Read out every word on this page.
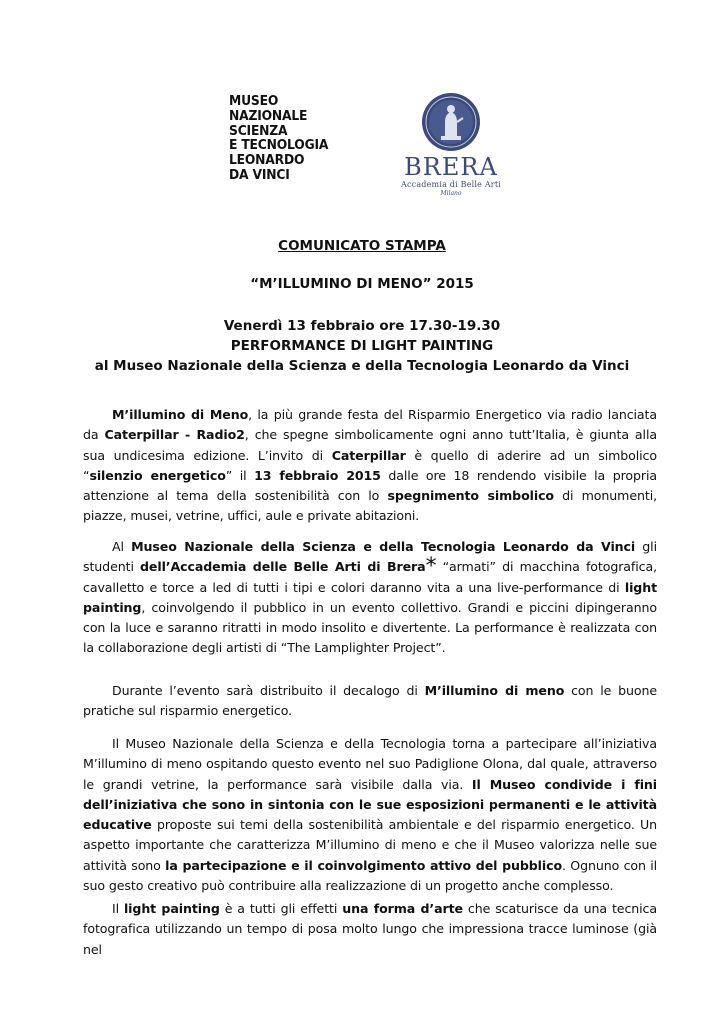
MUSEO
NAZIONALE
SCIENZA
E TECNOLOGIA
LEONARDO
DA VINCI	BRERA
Accademia di Belle Arti
Milano
COMUNICATO STAMPA
“M’ILLUMINO DI MENO” 2015
Venerdì 13 febbraio ore 17.30-19.30
PERFORMANCE DI LIGHT PAINTING
al Museo Nazionale della Scienza e della Tecnologia Leonardo da Vinci

M’illumino di Meno, la più grande festa del Risparmio Energetico via radio lanciata da Caterpillar - Radio2, che spegne simbolicamente ogni anno tutt’Italia, è giunta alla sua undicesima edizione. L’invito di Caterpillar è quello di aderire ad un simbolico “silenzio energetico” il 13 febbraio 2015 dalle ore 18 rendendo visibile la propria attenzione al tema della sostenibilità con lo spegnimento simbolico di monumenti, piazze, musei, vetrine, uffici, aule e private abitazioni.

Al Museo Nazionale della Scienza e della Tecnologia Leonardo da Vinci gli studenti dell’Accademia delle Belle Arti di Brera* “armati” di macchina fotografica, cavalletto e torce a led di tutti i tipi e colori daranno vita a una live-performance di light painting, coinvolgendo il pubblico in un evento collettivo. Grandi e piccini dipingeranno con la luce e saranno ritratti in modo insolito e divertente. La performance è realizzata con la collaborazione degli artisti di “The Lamplighter Project”.

Durante l’evento sarà distribuito il decalogo di M’illumino di meno con le buone pratiche sul risparmio energetico.

Il Museo Nazionale della Scienza e della Tecnologia torna a partecipare all’iniziativa M’illumino di meno ospitando questo evento nel suo Padiglione Olona, dal quale, attraverso le grandi vetrine, la performance sarà visibile dalla via. Il Museo condivide i fini dell’iniziativa che sono in sintonia con le sue esposizioni permanenti e le attività educative proposte sui temi della sostenibilità ambientale e del risparmio energetico. Un aspetto importante che caratterizza M’illumino di meno e che il Museo valorizza nelle sue attività sono la partecipazione e il coinvolgimento attivo del pubblico. Ognuno con il suo gesto creativo può contribuire alla realizzazione di un progetto anche complesso.

Il light painting è a tutti gli effetti una forma d’arte che scaturisce da una tecnica fotografica utilizzando un tempo di posa molto lungo che impressiona tracce luminose (già nel
